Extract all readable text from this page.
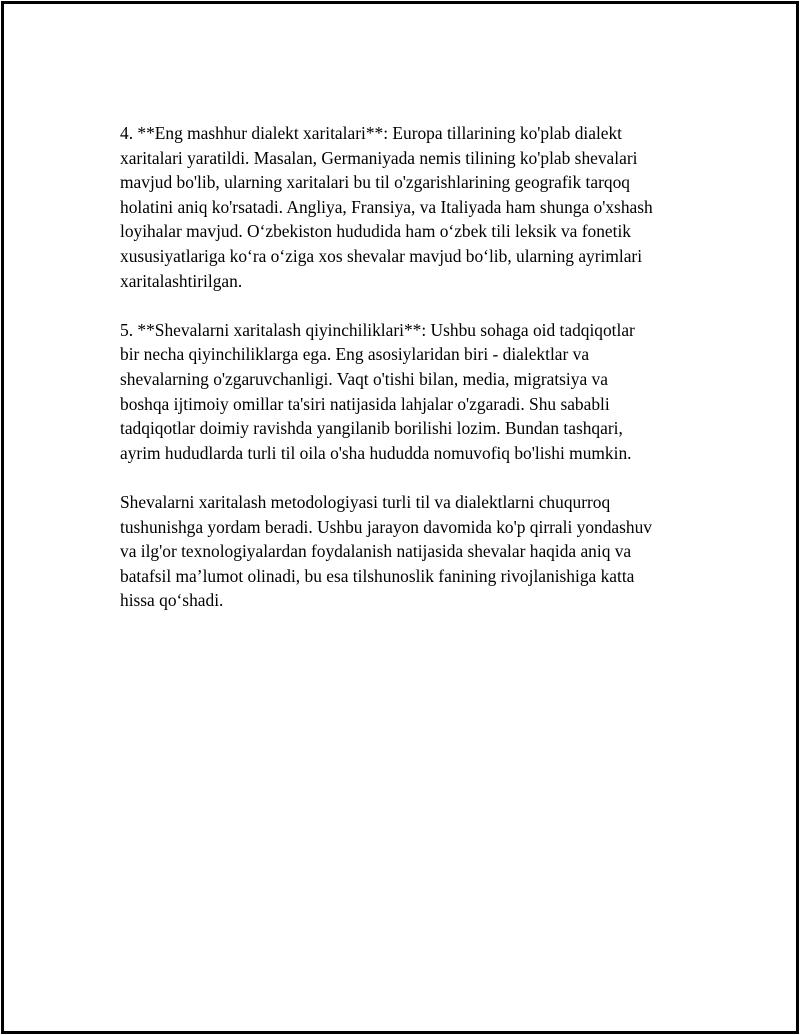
4. **Eng mashhur dialekt xaritalari**: Europa tillarining ko'plab dialekt
xaritalari yaratildi. Masalan, Germaniyada nemis tilining ko'plab shevalari
mavjud bo'lib, ularning xaritalari bu til o'zgarishlarining geografik tarqoq
holatini aniq ko'rsatadi. Angliya, Fransiya, va Italiyada ham shunga o'xshash
loyihalar mavjud. O‘zbekiston hududida ham o‘zbek tili leksik va fonetik
xususiyatlariga ko‘ra o‘ziga xos shevalar mavjud bo‘lib, ularning ayrimlari
xaritalashtirilgan.

5. **Shevalarni xaritalash qiyinchiliklari**: Ushbu sohaga oid tadqiqotlar
bir necha qiyinchiliklarga ega. Eng asosiylaridan biri - dialektlar va
shevalarning o'zgaruvchanligi. Vaqt o'tishi bilan, media, migratsiya va
boshqa ijtimoiy omillar ta'siri natijasida lahjalar o'zgaradi. Shu sababli
tadqiqotlar doimiy ravishda yangilanib borilishi lozim. Bundan tashqari,
ayrim hududlarda turli til oila o'sha hududda nomuvofiq bo'lishi mumkin.

Shevalarni xaritalash metodologiyasi turli til va dialektlarni chuqurroq
tushunishga yordam beradi. Ushbu jarayon davomida ko'p qirrali yondashuv
va ilg'or texnologiyalardan foydalanish natijasida shevalar haqida aniq va
batafsil ma’lumot olinadi, bu esa tilshunoslik fanining rivojlanishiga katta
hissa qo‘shadi.
